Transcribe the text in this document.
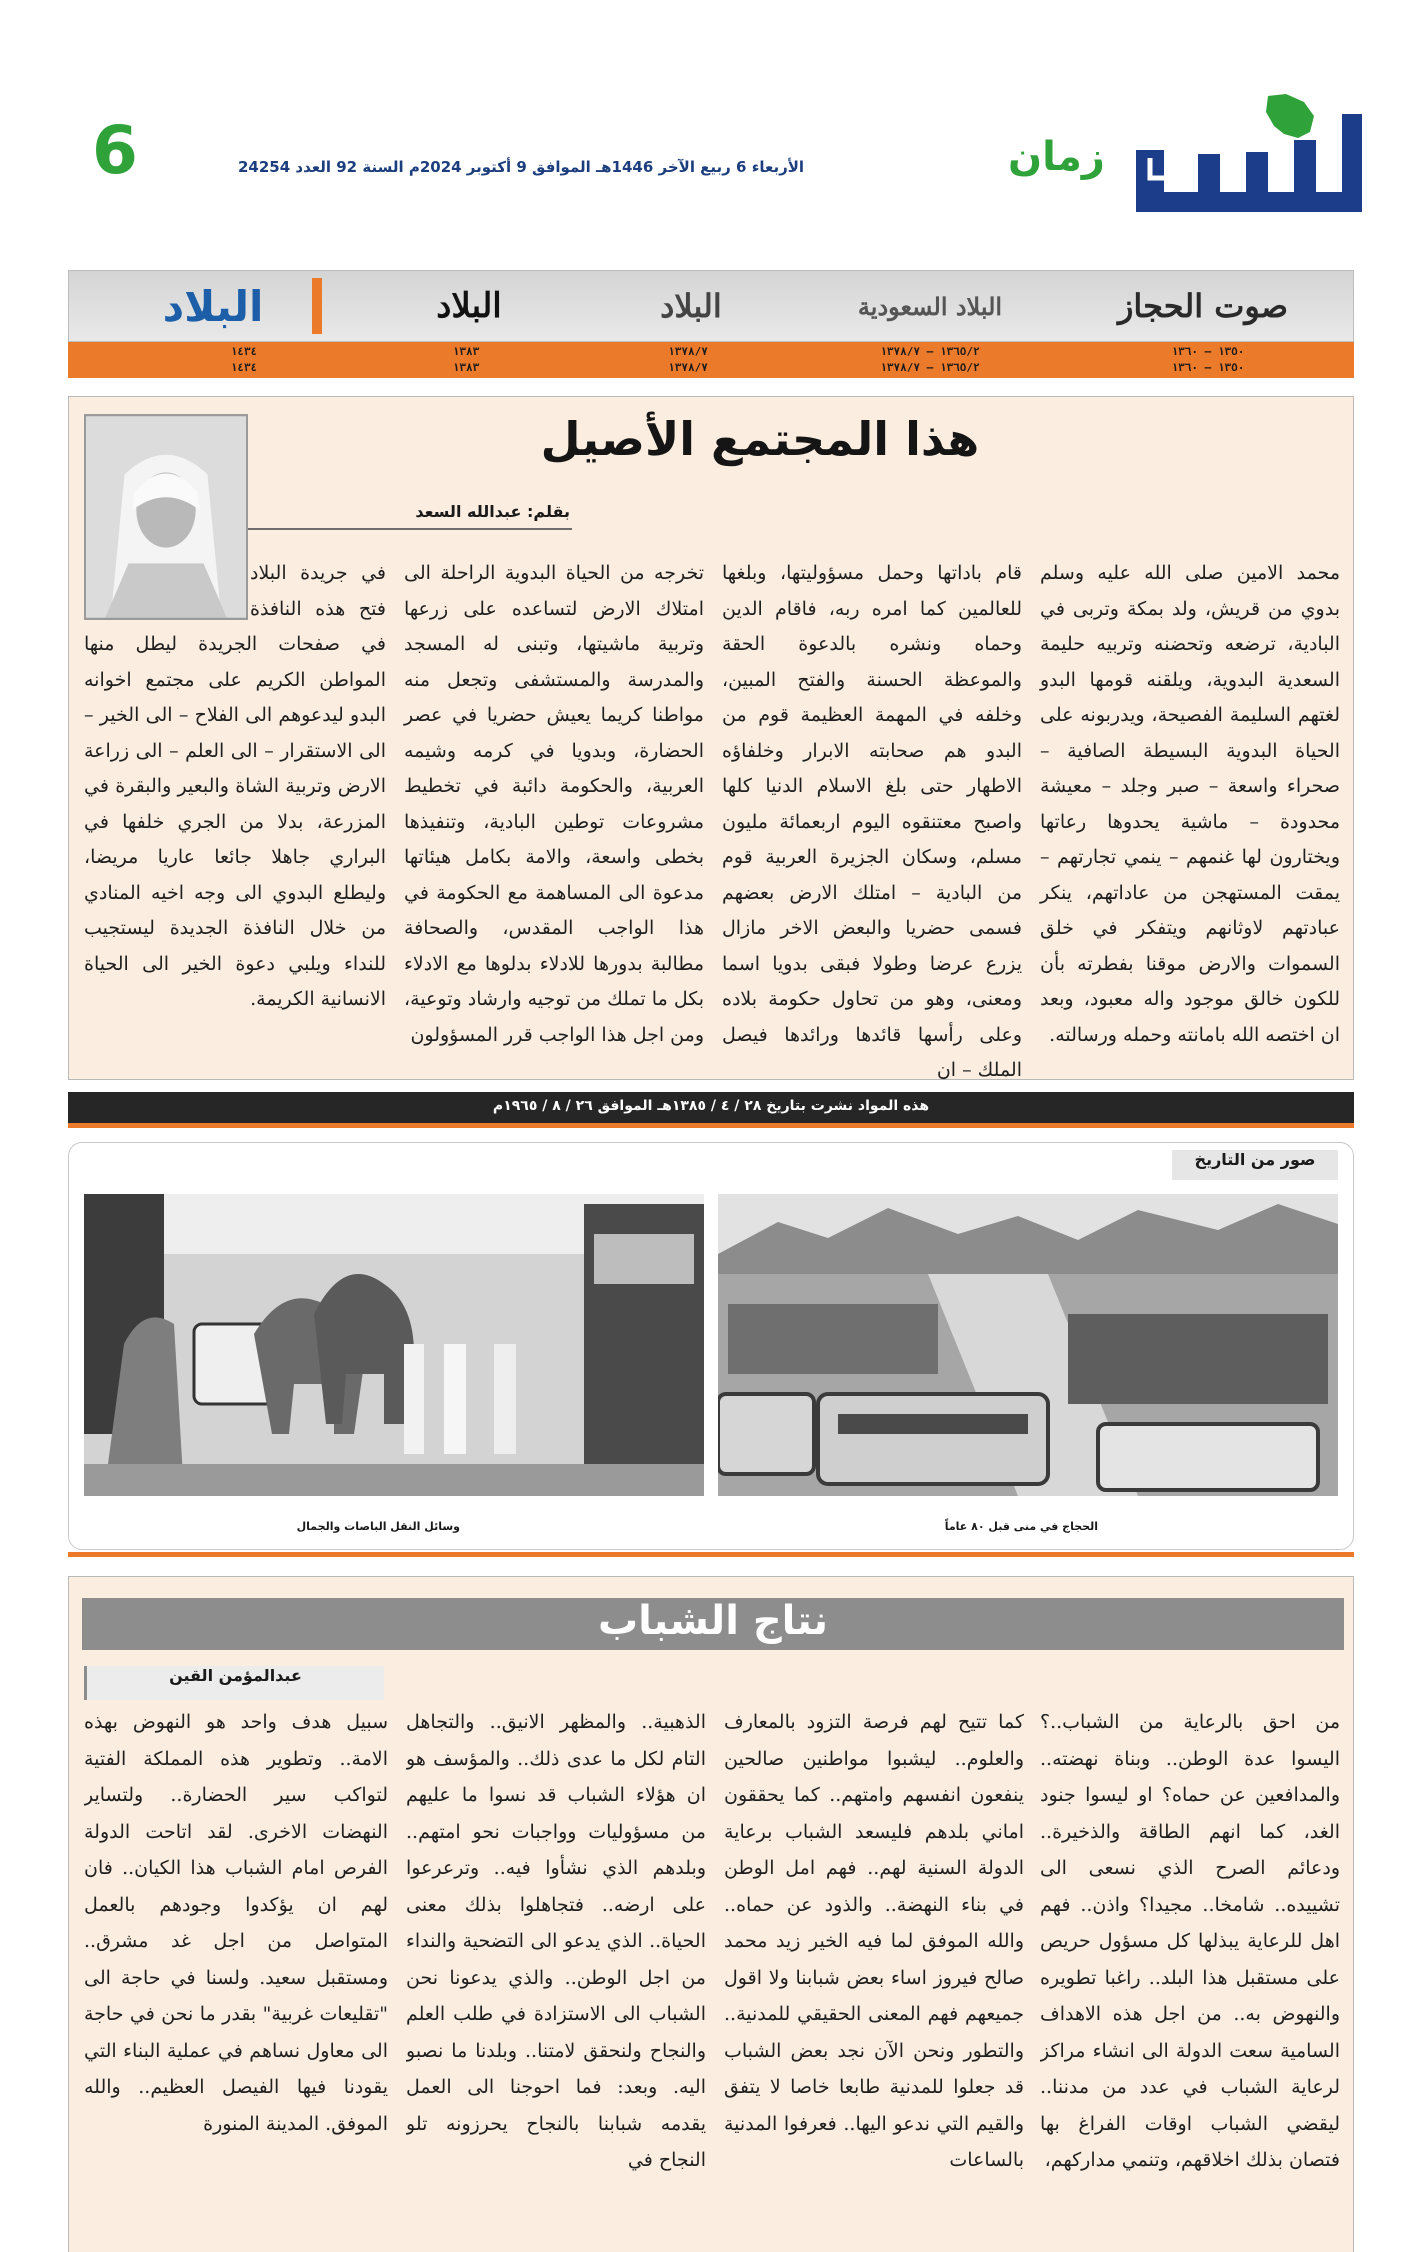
6	الأربعاء 6 ربيع الآخر 1446هـ الموافق 9 أكتوبر 2024م السنة 92 العدد 24254	زمان
صوت الحجاز
البلاد السعودية
البلاد
البلاد
البلاد
١٣٥٠ – ١٣٦٠
١٣٥٠ – ١٣٦٠
١٣٦٥/٢ – ١٣٧٨/٧
١٣٦٥/٢ – ١٣٧٨/٧
١٣٧٨/٧
١٣٧٨/٧
١٣٨٣
١٣٨٣
١٤٣٤
١٤٣٤
هذا المجتمع الأصيل
بقلم: عبدالله السعد
محمد الامين صلى الله عليه وسلم بدوي من قريش، ولد بمكة وتربى في البادية، ترضعه وتحضنه وتربيه حليمة السعدية البدوية، ويلقنه قومها البدو لغتهم السليمة الفصيحة، ويدربونه على الحياة البدوية البسيطة الصافية – صحراء واسعة – صبر وجلد – معيشة محدودة – ماشية يحدوها رعاتها ويختارون لها غنمهم – ينمي تجارتهم – يمقت المستهجن من عاداتهم، ينكر عبادتهم لاوثانهم ويتفكر في خلق السموات والارض موقنا بفطرته بأن للكون خالق موجود واله معبود، وبعد ان اختصه الله بامانته وحمله ورسالته.
قام باداتها وحمل مسؤوليتها، وبلغها للعالمين كما امره ربه، فاقام الدين وحماه ونشره بالدعوة الحقة والموعظة الحسنة والفتح المبين، وخلفه في المهمة العظيمة قوم من البدو هم صحابته الابرار وخلفاؤه الاطهار حتى بلغ الاسلام الدنيا كلها واصبح معتنقوه اليوم اربعمائة مليون مسلم، وسكان الجزيرة العربية قوم من البادية – امتلك الارض بعضهم فسمى حضريا والبعض الاخر مازال يزرع عرضا وطولا فبقى بدويا اسما ومعنى، وهو من تحاول حكومة بلاده وعلى رأسها قائدها ورائدها فيصل الملك – ان
تخرجه من الحياة البدوية الراحلة الى امتلاك الارض لتساعده على زرعها وتربية ماشيتها، وتبنى له المسجد والمدرسة والمستشفى وتجعل منه مواطنا كريما يعيش حضريا في عصر الحضارة، وبدويا في كرمه وشيمه العربية، والحكومة دائبة في تخطيط مشروعات توطين البادية، وتنفيذها بخطى واسعة، والامة بكامل هيئاتها مدعوة الى المساهمة مع الحكومة في هذا الواجب المقدس، والصحافة مطالبة بدورها للادلاء بدلوها مع الادلاء بكل ما تملك من توجيه وارشاد وتوعية، ومن اجل هذا الواجب قرر المسؤولون
في جريدة البلاد فتح هذه النافذة في صفحات الجريدة ليطل منها المواطن الكريم على مجتمع اخوانه البدو ليدعوهم الى الفلاح – الى الخير – الى الاستقرار – الى العلم – الى زراعة الارض وتربية الشاة والبعير والبقرة في المزرعة، بدلا من الجري خلفها في البراري جاهلا جائعا عاريا مريضا، وليطلع البدوي الى وجه اخيه المنادي من خلال النافذة الجديدة ليستجيب للنداء ويلبي دعوة الخير الى الحياة الانسانية الكريمة.
هذه المواد نشرت بتاريخ ٢٨ / ٤ / ١٣٨٥هـ الموافق ٢٦ / ٨ / ١٩٦٥م
صور من التاريخ
الحجاج في منى قبل ٨٠ عاماً
وسائل النقل الباصات والجمال
نتاج الشباب
عبدالمؤمن القين
من احق بالرعاية من الشباب..؟ اليسوا عدة الوطن.. وبناة نهضته.. والمدافعين عن حماه؟ او ليسوا جنود الغد، كما انهم الطاقة والذخيرة.. ودعائم الصرح الذي نسعى الى تشييده.. شامخا.. مجيدا؟ واذن.. فهم اهل للرعاية يبذلها كل مسؤول حريص على مستقبل هذا البلد.. راغبا تطويره والنهوض به.. من اجل هذه الاهداف السامية سعت الدولة الى انشاء مراكز لرعاية الشباب في عدد من مدننا.. ليقضي الشباب اوقات الفراغ بها فتصان بذلك اخلاقهم، وتنمي مداركهم،
كما تتيح لهم فرصة التزود بالمعارف والعلوم.. ليشبوا مواطنين صالحين ينفعون انفسهم وامتهم.. كما يحققون اماني بلدهم فليسعد الشباب برعاية الدولة السنية لهم.. فهم امل الوطن في بناء النهضة.. والذود عن حماه.. والله الموفق لما فيه الخير زيد محمد صالح فيروز اساء بعض شبابنا ولا اقول جميعهم فهم المعنى الحقيقي للمدنية.. والتطور ونحن الآن نجد بعض الشباب قد جعلوا للمدنية طابعا خاصا لا يتفق والقيم التي ندعو اليها.. فعرفوا المدنية بالساعات
الذهبية.. والمظهر الانيق.. والتجاهل التام لكل ما عدى ذلك.. والمؤسف هو ان هؤلاء الشباب قد نسوا ما عليهم من مسؤوليات وواجبات نحو امتهم.. وبلدهم الذي نشأوا فيه.. وترعرعوا على ارضه.. فتجاهلوا بذلك معنى الحياة.. الذي يدعو الى التضحية والنداء من اجل الوطن.. والذي يدعونا نحن الشباب الى الاستزادة في طلب العلم والنجاح ولنحقق لامتنا.. وبلدنا ما نصبو اليه. وبعد: فما احوجنا الى العمل يقدمه شبابنا بالنجاح يحرزونه تلو النجاح في
سبيل هدف واحد هو النهوض بهذه الامة.. وتطوير هذه المملكة الفتية لتواكب سير الحضارة.. ولتساير النهضات الاخرى. لقد اتاحت الدولة الفرص امام الشباب هذا الكيان.. فان لهم ان يؤكدوا وجودهم بالعمل المتواصل من اجل غد مشرق.. ومستقبل سعيد. ولسنا في حاجة الى "تقليعات غربية" بقدر ما نحن في حاجة الى معاول نساهم في عملية البناء التي يقودنا فيها الفيصل العظيم.. والله الموفق. المدينة المنورة
